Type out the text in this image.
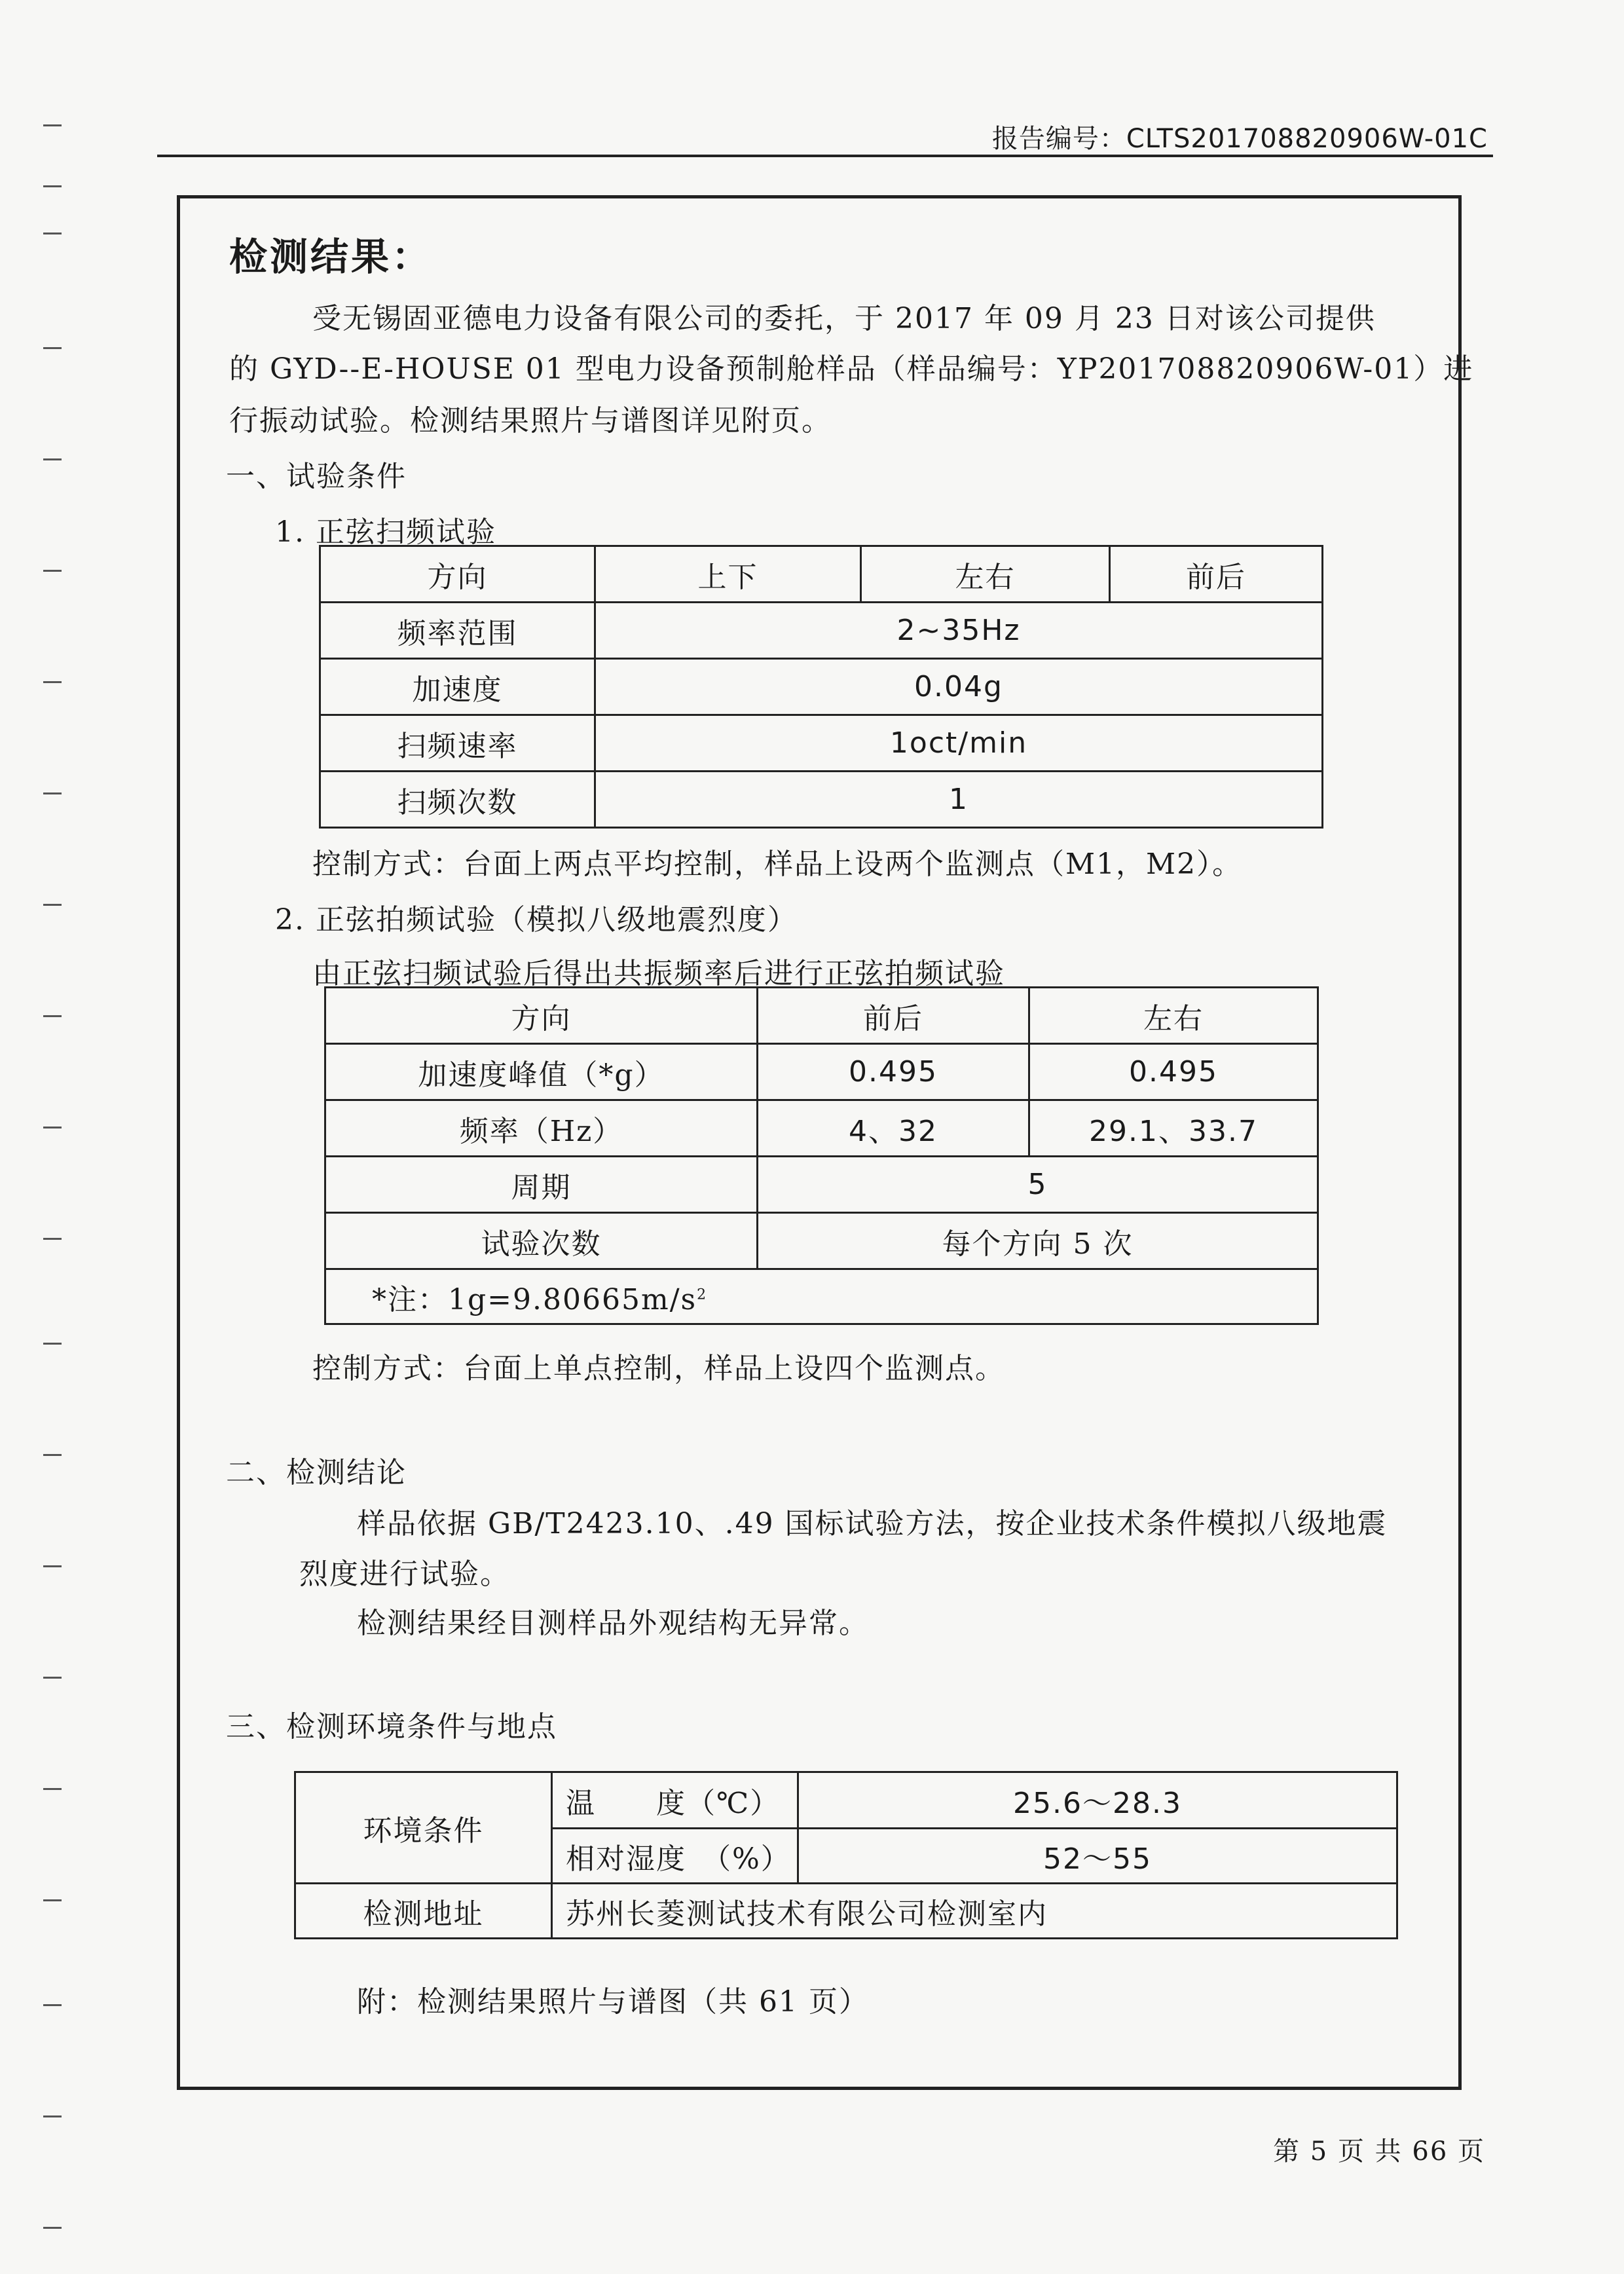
报告编号：CLTS201708820906W-01C
检测结果：
受无锡固亚德电力设备有限公司的委托，于 2017 年 09 月 23 日对该公司提供
的 GYD--E-HOUSE 01 型电力设备预制舱样品（样品编号：YP201708820906W-01）进
行振动试验。检测结果照片与谱图详见附页。
一、试验条件
1. 正弦扫频试验
方向	上下	左右	前后
频率范围	2~35Hz		
加速度	0.04g		
扫频速率	1oct/min		
扫频次数	1		
控制方式：台面上两点平均控制，样品上设两个监测点（M1，M2）。
2. 正弦拍频试验（模拟八级地震烈度）
由正弦扫频试验后得出共振频率后进行正弦拍频试验
方向	前后	左右
加速度峰值（*g）	0.495	0.495
频率（Hz）	4、32	29.1、33.7
周期	5	
试验次数	每个方向 5 次	
*注：$1g=9.80665m/s^2$
控制方式：台面上单点控制，样品上设四个监测点。
二、检测结论
样品依据 GB/T2423.10、.49 国标试验方法，按企业技术条件模拟八级地震
烈度进行试验。
检测结果经目测样品外观结构无异常。
三、检测环境条件与地点
环境条件	温　　度（℃）	25.6～28.3
	相对湿度　（%）	52～55
检测地址	苏州长菱测试技术有限公司检测室内	
附：检测结果照片与谱图（共 61 页）
第 5 页 共 66 页
